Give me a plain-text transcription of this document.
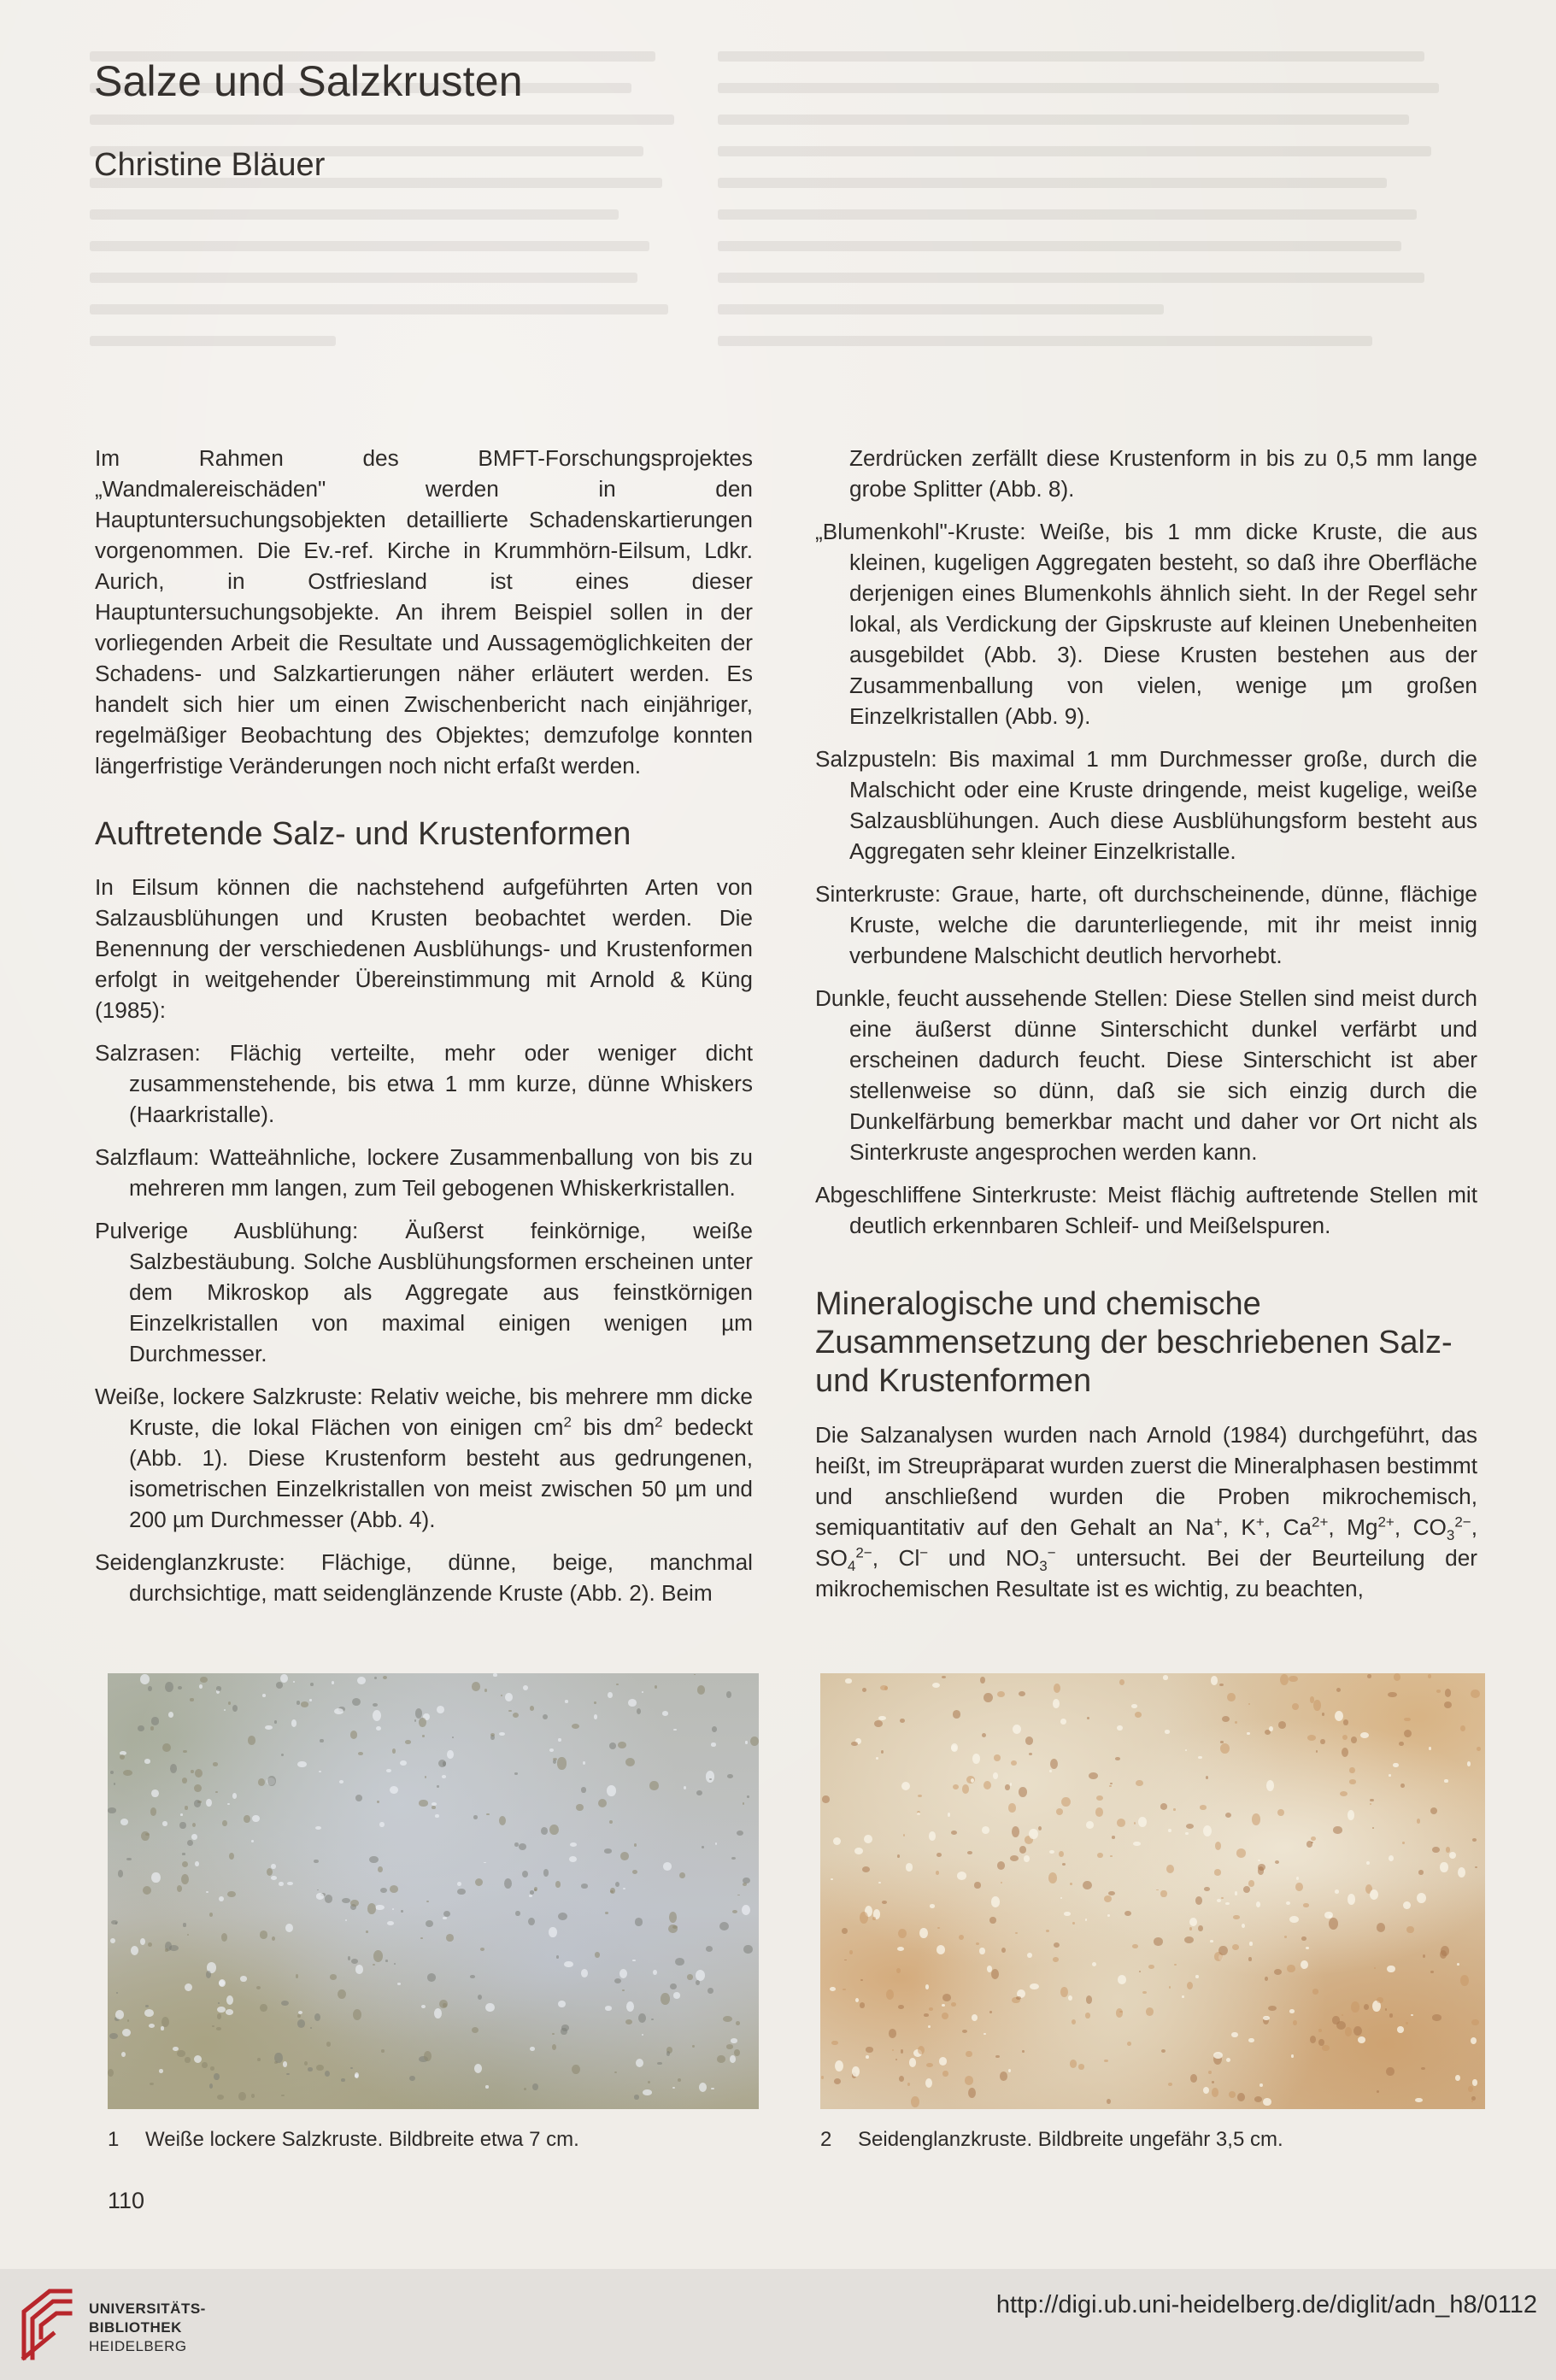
Salze und Salzkrusten
Christine Bläuer

Im Rahmen des BMFT-Forschungsprojektes „Wandmalereischäden" werden in den Hauptuntersuchungsobjekten detaillierte Schadenskartierungen vorgenommen. Die Ev.-ref. Kirche in Krummhörn-Eilsum, Ldkr. Aurich, in Ostfriesland ist eines dieser Hauptuntersuchungsobjekte. An ihrem Beispiel sollen in der vorliegenden Arbeit die Resultate und Aussagemöglichkeiten der Schadens- und Salzkartierungen näher erläutert werden. Es handelt sich hier um einen Zwischenbericht nach einjähriger, regelmäßiger Beobachtung des Objektes; demzufolge konnten längerfristige Veränderungen noch nicht erfaßt werden.

Auftretende Salz- und Krustenformen

In Eilsum können die nachstehend aufgeführten Arten von Salzausblühungen und Krusten beobachtet werden. Die Benennung der verschiedenen Ausblühungs- und Krustenformen erfolgt in weitgehender Übereinstimmung mit Arnold & Küng (1985):

Salzrasen: Flächig verteilte, mehr oder weniger dicht zusammenstehende, bis etwa 1 mm kurze, dünne Whiskers (Haarkristalle).

Salzflaum: Watteähnliche, lockere Zusammenballung von bis zu mehreren mm langen, zum Teil gebogenen Whiskerkristallen.

Pulverige Ausblühung: Äußerst feinkörnige, weiße Salzbestäubung. Solche Ausblühungsformen erscheinen unter dem Mikroskop als Aggregate aus feinstkörnigen Einzelkristallen von maximal einigen wenigen µm Durchmesser.

Weiße, lockere Salzkruste: Relativ weiche, bis mehrere mm dicke Kruste, die lokal Flächen von einigen $cm^2$ bis $dm^2$ bedeckt (Abb. 1). Diese Krustenform besteht aus gedrungenen, isometrischen Einzelkristallen von meist zwischen 50 µm und 200 µm Durchmesser (Abb. 4).

Seidenglanzkruste: Flächige, dünne, beige, manchmal durchsichtige, matt seidenglänzende Kruste (Abb. 2). Beim

Zerdrücken zerfällt diese Krustenform in bis zu 0,5 mm lange grobe Splitter (Abb. 8).

„Blumenkohl"-Kruste: Weiße, bis 1 mm dicke Kruste, die aus kleinen, kugeligen Aggregaten besteht, so daß ihre Oberfläche derjenigen eines Blumenkohls ähnlich sieht. In der Regel sehr lokal, als Verdickung der Gipskruste auf kleinen Unebenheiten ausgebildet (Abb. 3). Diese Krusten bestehen aus der Zusammenballung von vielen, wenige µm großen Einzelkristallen (Abb. 9).

Salzpusteln: Bis maximal 1 mm Durchmesser große, durch die Malschicht oder eine Kruste dringende, meist kugelige, weiße Salzausblühungen. Auch diese Ausblühungsform besteht aus Aggregaten sehr kleiner Einzelkristalle.

Sinterkruste: Graue, harte, oft durchscheinende, dünne, flächige Kruste, welche die darunterliegende, mit ihr meist innig verbundene Malschicht deutlich hervorhebt.

Dunkle, feucht aussehende Stellen: Diese Stellen sind meist durch eine äußerst dünne Sinterschicht dunkel verfärbt und erscheinen dadurch feucht. Diese Sinterschicht ist aber stellenweise so dünn, daß sie sich einzig durch die Dunkelfärbung bemerkbar macht und daher vor Ort nicht als Sinterkruste angesprochen werden kann.

Abgeschliffene Sinterkruste: Meist flächig auftretende Stellen mit deutlich erkennbaren Schleif- und Meißelspuren.

Mineralogische und chemische Zusammensetzung der beschriebenen Salz- und Krustenformen

Die Salzanalysen wurden nach Arnold (1984) durchgeführt, das heißt, im Streupräparat wurden zuerst die Mineralphasen bestimmt und anschließend wurden die Proben mikrochemisch, semiquantitativ auf den Gehalt an Na+, K+, $Ca^{2+}$, $Mg^{2+}$, $CO_3^{2-}$, $SO_4^{2-}$, Cl− und $NO_3^-$ untersucht. Bei der Beurteilung der mikrochemischen Resultate ist es wichtig, zu beachten,

1 Weiße lockere Salzkruste. Bildbreite etwa 7 cm.	2 Seidenglanzkruste. Bildbreite ungefähr 3,5 cm.
110
UNIVERSITÄTS-
BIBLIOTHEK
HEIDELBERG
http://digi.ub.uni-heidelberg.de/diglit/adn_h8/0112
